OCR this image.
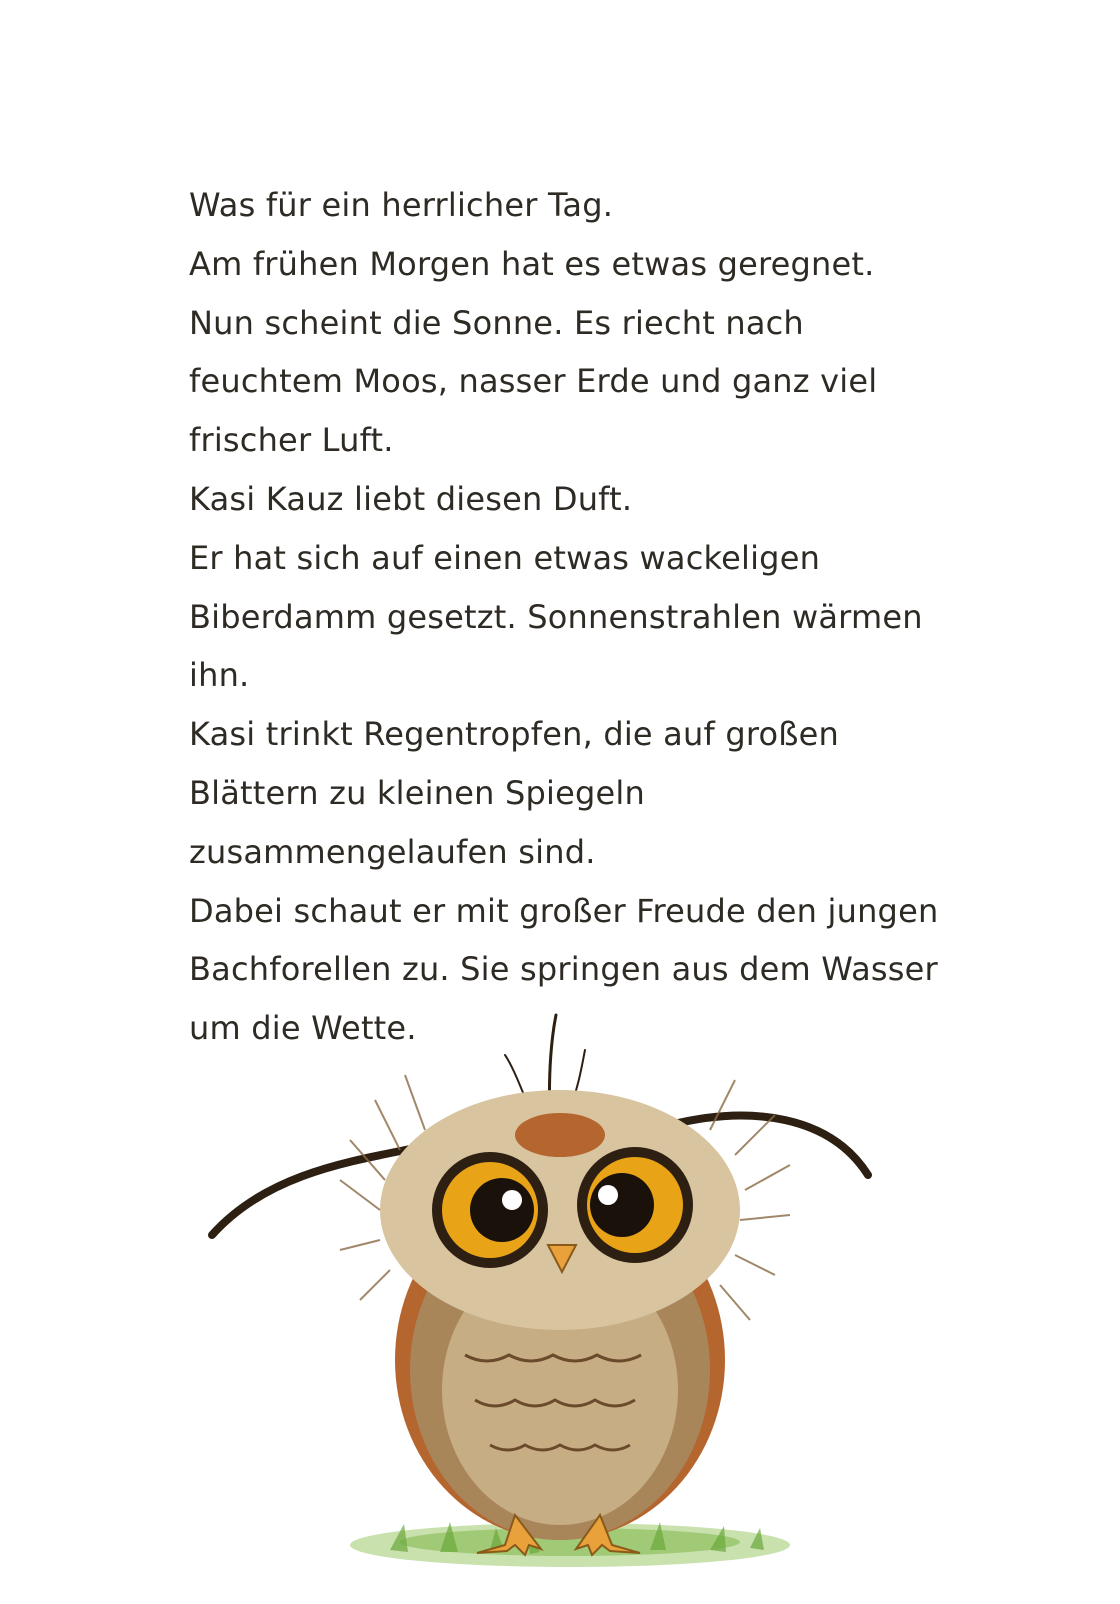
Was für ein herrlicher Tag.
Am frühen Morgen hat es etwas geregnet.
Nun scheint die Sonne. Es riecht nach
feuchtem Moos, nasser Erde und ganz viel
frischer Luft.
Kasi Kauz liebt diesen Duft.
Er hat sich auf einen etwas wackeligen
Biberdamm gesetzt. Sonnenstrahlen wärmen
ihn.
Kasi trinkt Regentropfen, die auf großen
Blättern zu kleinen Spiegeln
zusammengelaufen sind.
Dabei schaut er mit großer Freude den jungen
Bachforellen zu. Sie springen aus dem Wasser
um die Wette.
